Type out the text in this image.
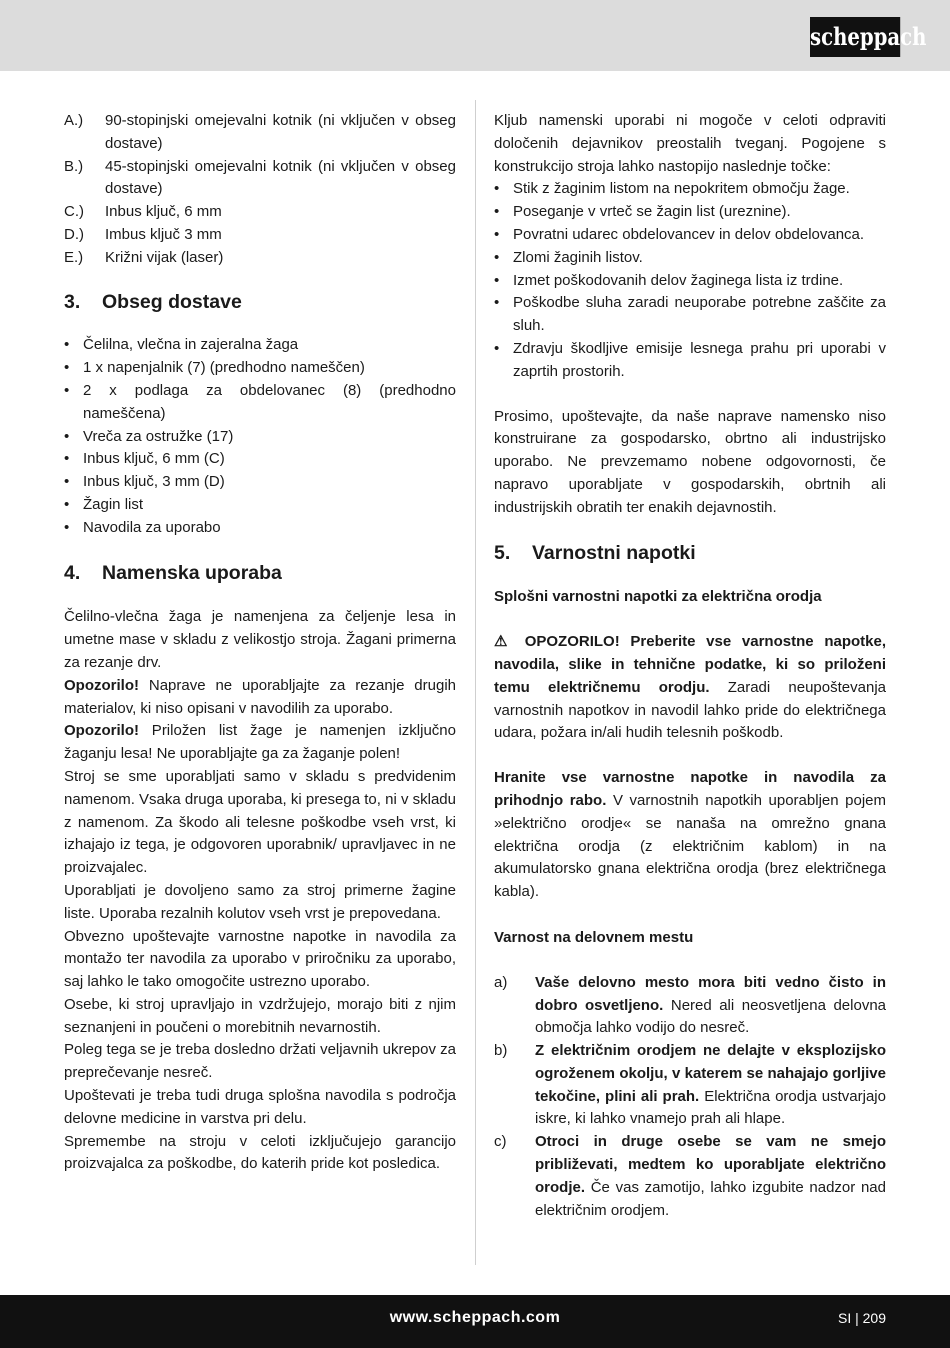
scheppach
A.)	90-stopinjski omejevalni kotnik (ni vključen v obseg dostave)
B.)	45-stopinjski omejevalni kotnik (ni vključen v obseg dostave)
C.)	Inbus ključ, 6 mm
D.)	Imbus ključ 3 mm
E.)	Križni vijak (laser)
3.	Obseg dostave
• Čelilna, vlečna in zajeralna žaga
• 1 x napenjalnik (7) (predhodno nameščen)
• 2 x podlaga za obdelovanec (8) (predhodno nameščena)
• Vreča za ostružke (17)
• Inbus ključ, 6 mm (C)
• Inbus ključ, 3 mm (D)
• Žagin list
• Navodila za uporabo
4.	Namenska uporaba
Čelilno-vlečna žaga je namenjena za čeljenje lesa in umetne mase v skladu z velikostjo stroja. Žagani primerna za rezanje drv.
Opozorilo! Naprave ne uporabljajte za rezanje drugih materialov, ki niso opisani v navodilih za uporabo.
Opozorilo! Priložen list žage je namenjen izključno žaganju lesa! Ne uporabljajte ga za žaganje polen!
Stroj se sme uporabljati samo v skladu s predvidenim namenom. Vsaka druga uporaba, ki presega to, ni v skladu z namenom. Za škodo ali telesne poškodbe vseh vrst, ki izhajajo iz tega, je odgovoren uporabnik/ upravljavec in ne proizvajalec.
Uporabljati je dovoljeno samo za stroj primerne žagine liste. Uporaba rezalnih kolutov vseh vrst je prepovedana.
Obvezno upoštevajte varnostne napotke in navodila za montažo ter navodila za uporabo v priročniku za uporabo, saj lahko le tako omogočite ustrezno uporabo.
Osebe, ki stroj upravljajo in vzdržujejo, morajo biti z njim seznanjeni in poučeni o morebitnih nevarnostih.
Poleg tega se je treba dosledno držati veljavnih ukrepov za preprečevanje nesreč.
Upoštevati je treba tudi druga splošna navodila s področja delovne medicine in varstva pri delu.
Spremembe na stroju v celoti izključujejo garancijo proizvajalca za poškodbe, do katerih pride kot posledica.
Kljub namenski uporabi ni mogoče v celoti odpraviti določenih dejavnikov preostalih tveganj. Pogojene s konstrukcijo stroja lahko nastopijo naslednje točke:
• Stik z žaginim listom na nepokritem območju žage.
• Poseganje v vrteč se žagin list (ureznine).
• Povratni udarec obdelovancev in delov obdelovanca.
• Zlomi žaginih listov.
• Izmet poškodovanih delov žaginega lista iz trdine.
• Poškodbe sluha zaradi neuporabe potrebne zaščite za sluh.
• Zdravju škodljive emisije lesnega prahu pri uporabi v zaprtih prostorih.
Prosimo, upoštevajte, da naše naprave namensko niso konstruirane za gospodarsko, obrtno ali industrijsko uporabo. Ne prevzemamo nobene odgovornosti, če napravo uporabljate v gospodarskih, obrtnih ali industrijskih obratih ter enakih dejavnostih.
5.	Varnostni napotki
Splošni varnostni napotki za električna orodja
⚠ OPOZORILO! Preberite vse varnostne napotke, navodila, slike in tehnične podatke, ki so priloženi temu električnemu orodju. Zaradi neupoštevanja varnostnih napotkov in navodil lahko pride do električnega udara, požara in/ali hudih telesnih poškodb.
Hranite vse varnostne napotke in navodila za prihodnjo rabo. V varnostnih napotkih uporabljen pojem »električno orodje« se nanaša na omrežno gnana električna orodja (z električnim kablom) in na akumulatorsko gnana električna orodja (brez električnega kabla).
Varnost na delovnem mestu
a)	Vaše delovno mesto mora biti vedno čisto in dobro osvetljeno. Nered ali neosvetljena delovna območja lahko vodijo do nesreč.
b)	Z električnim orodjem ne delajte v eksplozijsko ogroženem okolju, v katerem se nahajajo gorljive tekočine, plini ali prah. Električna orodja ustvarjajo iskre, ki lahko vnamejo prah ali hlape.
c)	Otroci in druge osebe se vam ne smejo približevati, medtem ko uporabljate električno orodje. Če vas zamotijo, lahko izgubite nadzor nad električnim orodjem.
www.scheppach.com	SI | 209
